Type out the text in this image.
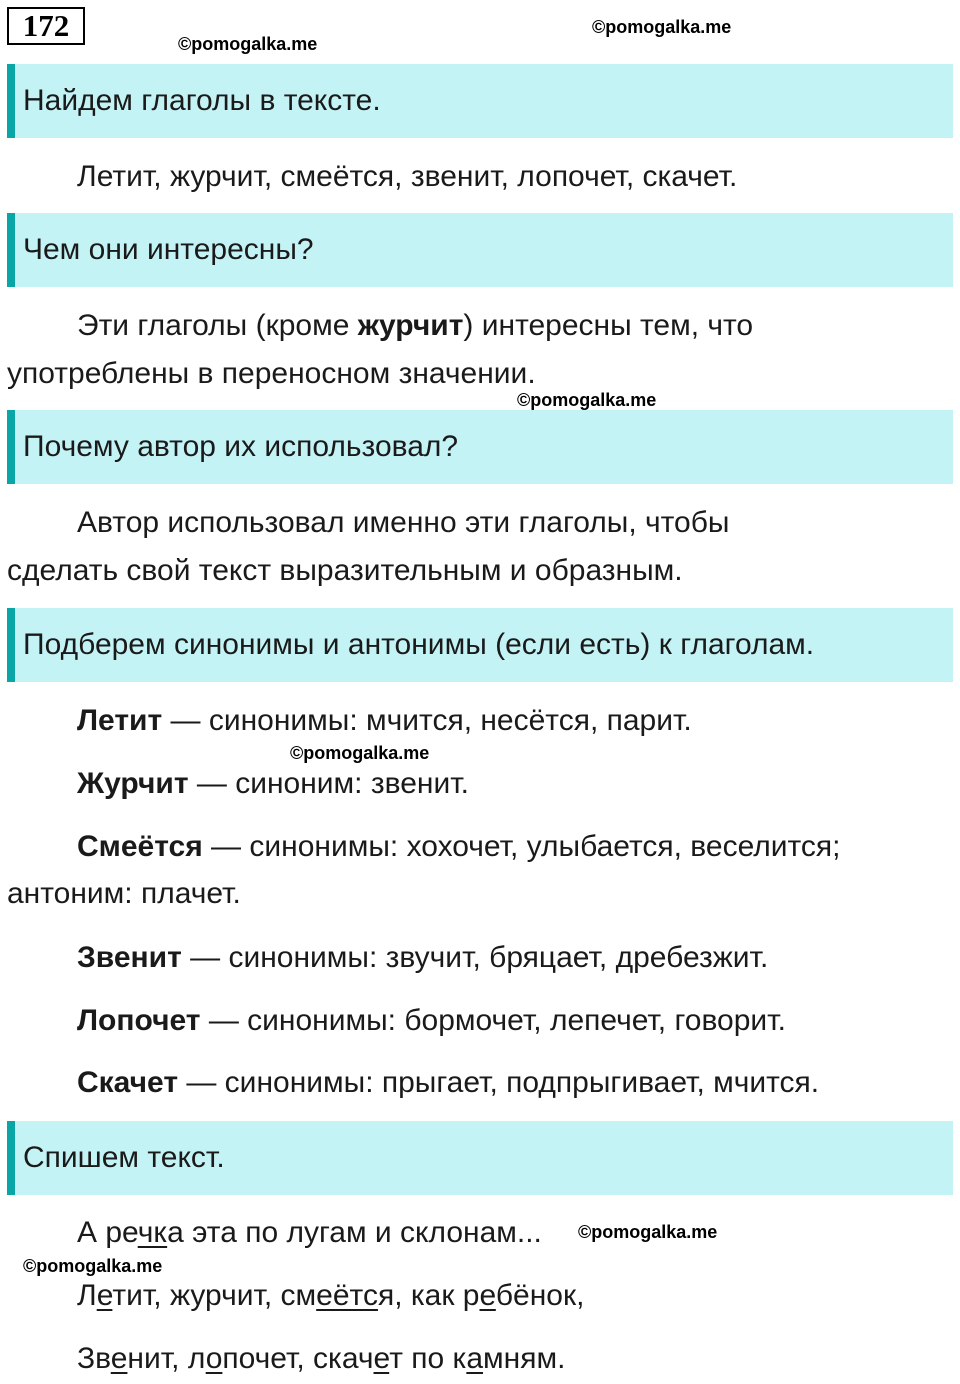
172
©pomogalka.me
©pomogalka.me
Найдем глаголы в тексте.
Летит, журчит, смеётся, звенит, лопочет, скачет.
Чем они интересны?
Эти глаголы (кроме журчит) интересны тем, что
употреблены в переносном значении.
©pomogalka.me
Почему автор их использовал?
Автор использовал именно эти глаголы, чтобы
сделать свой текст выразительным и образным.
Подберем синонимы и антонимы (если есть) к глаголам.
Летит — синонимы: мчится, несётся, парит.
©pomogalka.me
Журчит — синоним: звенит.
Смеётся — синонимы: хохочет, улыбается, веселится;
антоним: плачет.
Звенит — синонимы: звучит, бряцает, дребезжит.
Лопочет — синонимы: бормочет, лепечет, говорит.
Скачет — синонимы: прыгает, подпрыгивает, мчится.
Спишем текст.
А речка эта по лугам и склонам... ©pomogalka.me
©pomogalka.me
Летит, журчит, смеётся, как ребёнок,
Звенит, лопочет, скачет по камням.
